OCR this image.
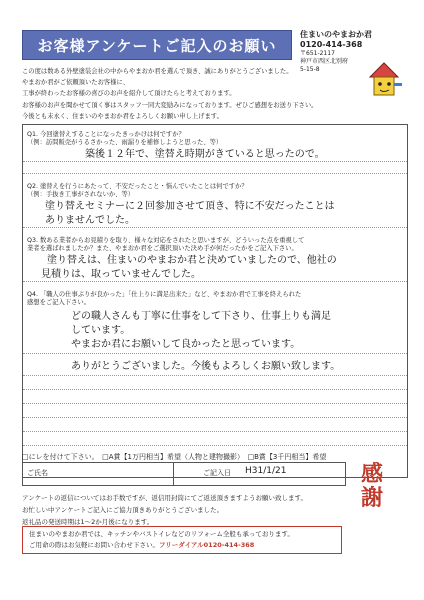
お客様アンケートご記入のお願い
住まいのやまおか君
0120-414-368
〒651-2117
神戸市西区北別府
5-15-8
この度は数ある外壁塗装会社の中からやまおか君を選んで頂き、誠にありがとうございました。
やまおか君がご依頼頂いたお客様に、
工事が終わったお客様の喜びのお声を紹介して頂けたらと考えております。
お客様のお声を聞かせて頂く事はスタッフ一同大変励みになっております。ぜひご感想をお送り下さい。
今後とも末永く、住まいのやまおか君をよろしくお願い申し上げます。
Q1. 今回塗替えすることになったきっかけは何ですか？
（例：訪問販売がうるさかった、雨漏りを補修しようと思った、等）
築後１２年で、塗替え時期がきていると思ったので。
Q2. 塗替えを行うにあたって、不安だったこと・悩んでいたことは何ですか？
（例：手抜き工事がされないか、等）
塗り替えセミナーに２回参加させて頂き、特に不安だったことは
ありませんでした。
Q3. 数ある業者からお見積りを取り、様々な対応をされたと思いますが、どういった点を重視して
業者を選ばれましたか？また、やまおか君をご選択頂いた決め手が何だったかをご記入下さい。
塗り替えは、住まいのやまおか君と決めていましたので、他社の
見積りは、取っていませんでした。
Q4. 「職人の仕事ぶりが良かった」「仕上りに満足出来た」など、やまおか君で工事を終えられた
感想をご記入下さい。
どの職人さんも丁寧に仕事をして下さり、仕事上りも満足
しています。
やまおか君にお願いして良かったと思っています。
ありがとうございました。今後もよろしくお願い致します。
□にレを付けて下さい。　□A賞【1万円相当】希望（人物と建物撮影）　□B賞【3千円相当】希望
ご氏名	ご記入日 H31/1/21
アンケートの返信についてはお手数ですが、返信用封筒にてご返送頂きますようお願い致します。
お忙しい中アンケートご記入にご協力頂きありがとうございました。
返礼品の発送時期は1〜2か月後になります。
住まいのやまおか君では、キッチンやバストイレなどのリフォーム全般も承っております。
ご用命の際はお気軽にお問い合わせ下さい。フリーダイアル0120-414-368
感謝
